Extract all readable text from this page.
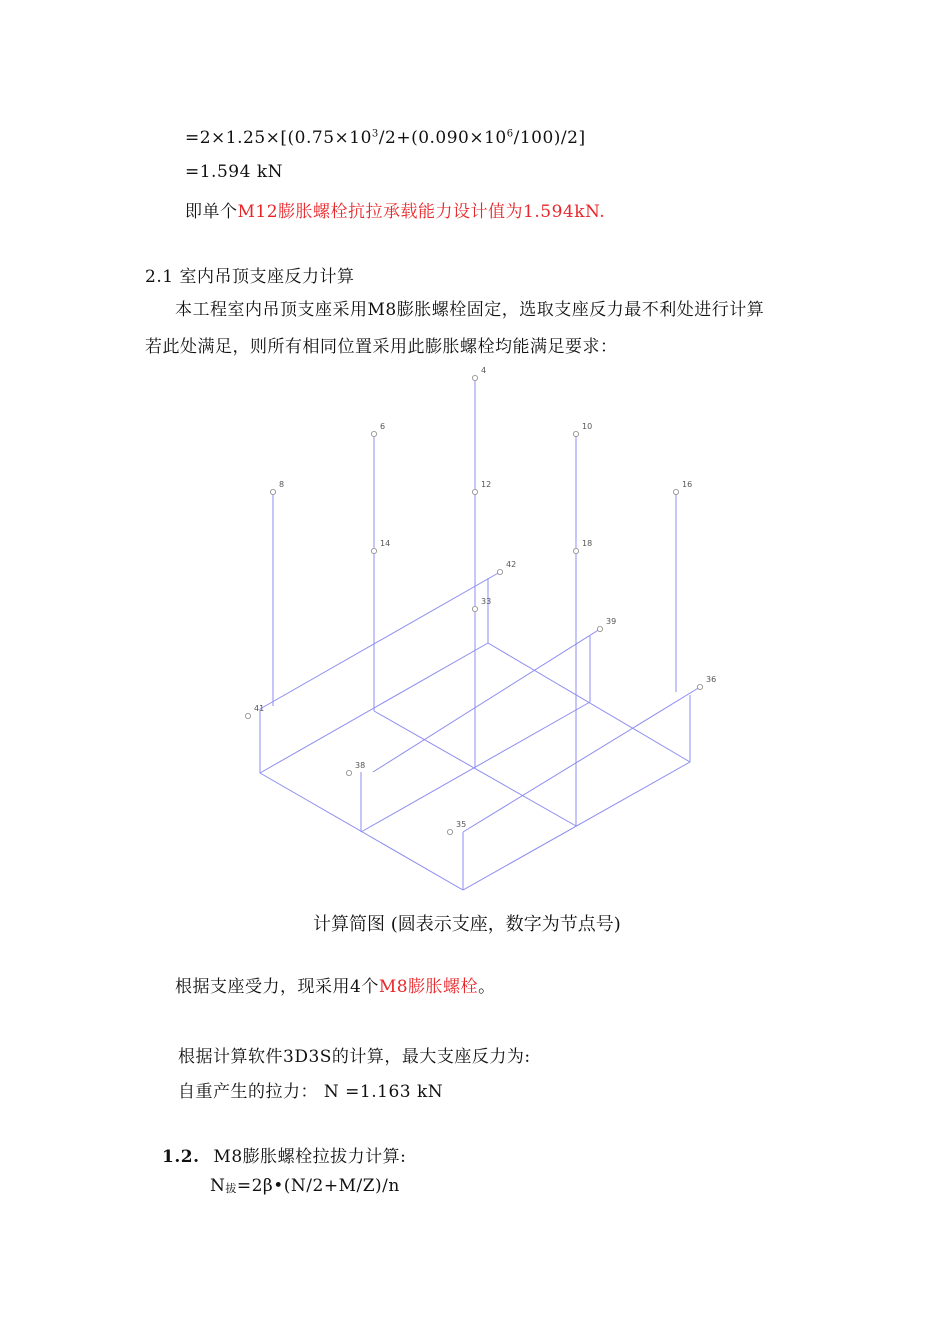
$=2\times 1.25\times[(0.75\times 10^3/2+(0.090\times 10^6/100)/2]$
=1.594 kN
即单个M12膨胀螺栓抗拉承载能力设计值为1.594kN.
2.1 室内吊顶支座反力计算
本工程室内吊顶支座采用M8膨胀螺栓固定，选取支座反力最不利处进行计算
若此处满足，则所有相同位置采用此膨胀螺栓均能满足要求：
4
6	10
8	12	16
14	18
42
33
39
36
41
38
35
计算简图 (圆表示支座，数字为节点号)
根据支座受力，现采用4个M8膨胀螺栓。
根据计算软件3D3S的计算，最大支座反力为:
自重产生的拉力： N =1.163 kN
1.2. M8膨胀螺栓拉拔力计算:
$N_拔=2\beta•(N/2+M/Z)/n$
